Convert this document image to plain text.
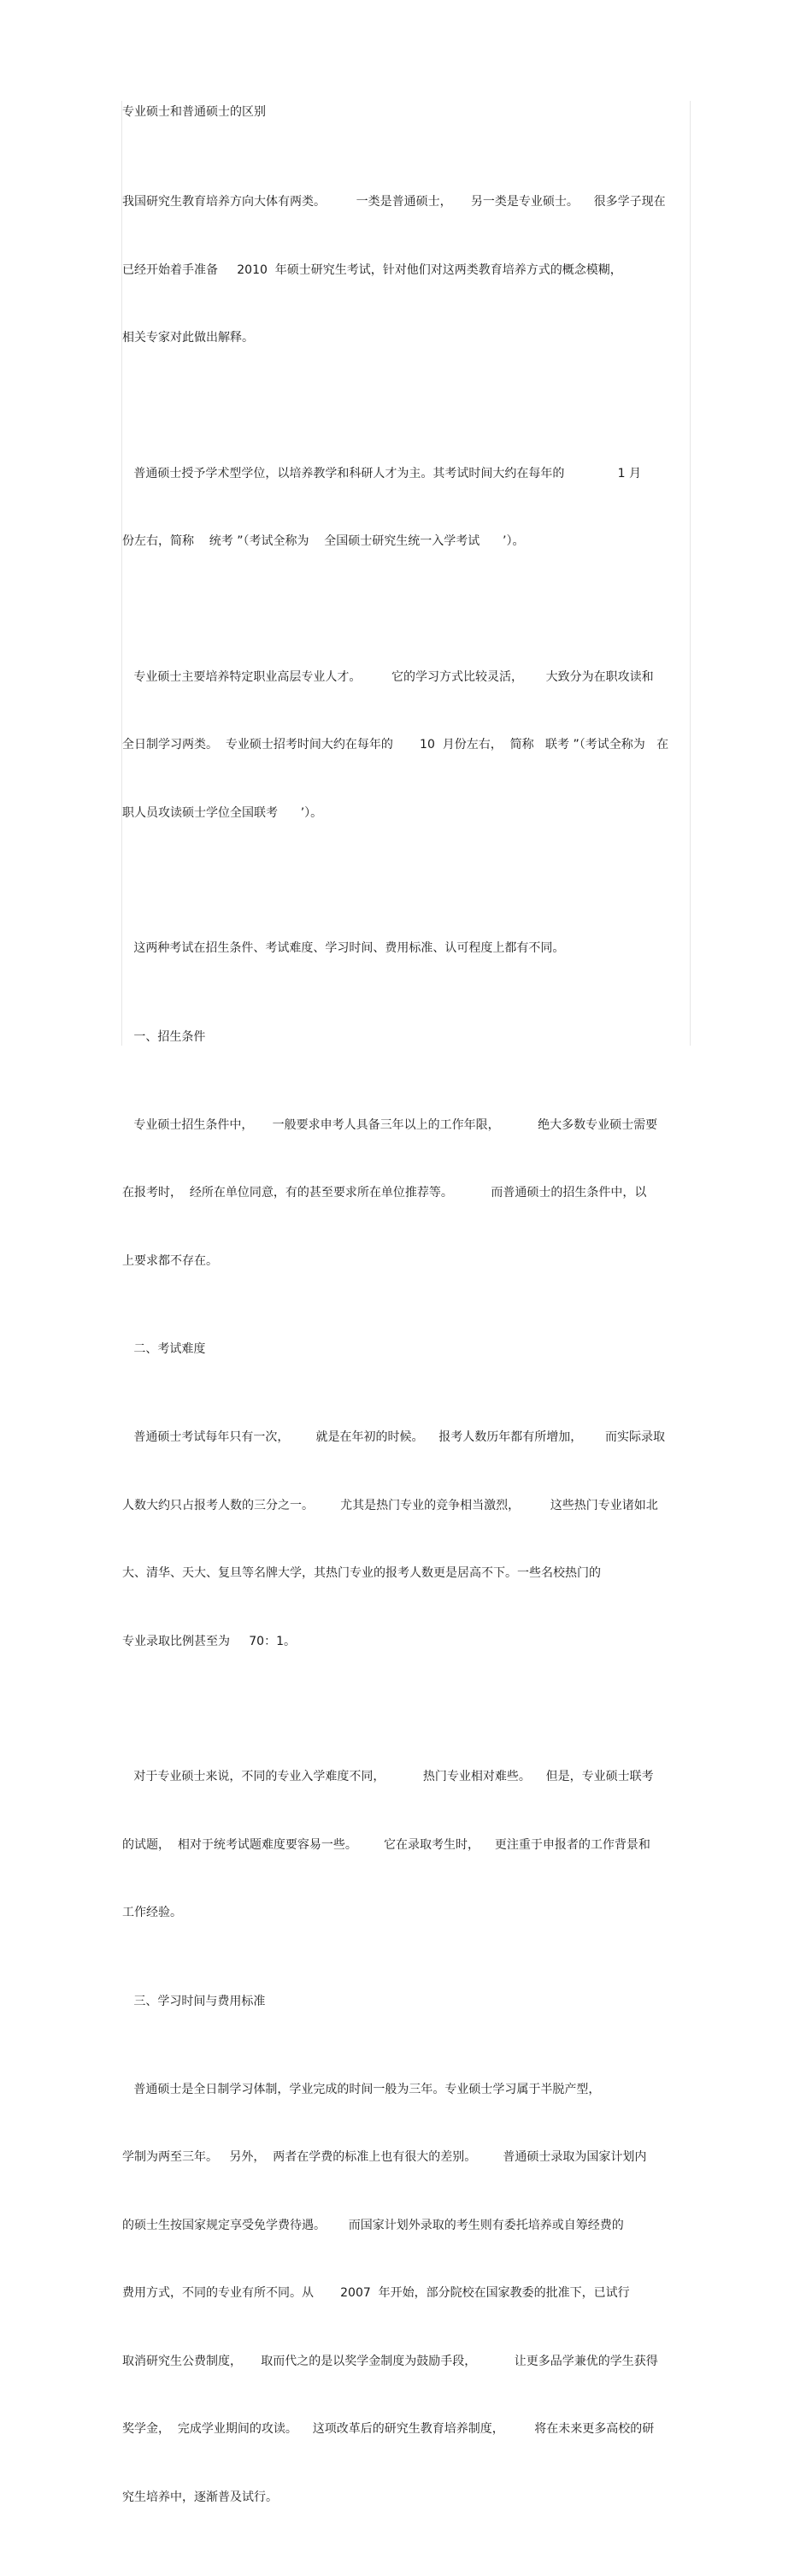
专业硕士和普通硕士的区别

我国研究生教育培养方向大体有两类。        一类是普通硕士，     另一类是专业硕士。    很多学子现在

已经开始着手准备     2010  年硕士研究生考试，针对他们对这两类教育培养方式的概念模糊，

相关专家对此做出解释。

普通硕士授予学术型学位，以培养教学和科研人才为主。其考试时间大约在每年的              1 月

份左右，简称    统考 ”（考试全称为    全国硕士研究生统一入学考试      ’）。

专业硕士主要培养特定职业高层专业人才。        它的学习方式比较灵活，      大致分为在职攻读和

全日制学习两类。  专业硕士招考时间大约在每年的       10  月份左右，  简称   联考 ”（考试全称为   在

职人员攻读硕士学位全国联考      ’）。

这两种考试在招生条件、考试难度、学习时间、费用标准、认可程度上都有不同。

一、招生条件

专业硕士招生条件中，     一般要求申考人具备三年以上的工作年限，          绝大多数专业硕士需要

在报考时，  经所在单位同意，有的甚至要求所在单位推荐等。          而普通硕士的招生条件中，以

上要求都不存在。

二、考试难度

普通硕士考试每年只有一次，       就是在年初的时候。    报考人数历年都有所增加，      而实际录取

人数大约只占报考人数的三分之一。       尤其是热门专业的竞争相当激烈，        这些热门专业诸如北

大、清华、天大、复旦等名牌大学，其热门专业的报考人数更是居高不下。一些名校热门的

专业录取比例甚至为     70：1。

对于专业硕士来说，不同的专业入学难度不同，          热门专业相对难些。    但是，专业硕士联考

的试题，  相对于统考试题难度要容易一些。       它在录取考生时，    更注重于申报者的工作背景和

工作经验。

三、学习时间与费用标准

普通硕士是全日制学习体制，学业完成的时间一般为三年。专业硕士学习属于半脱产型，

学制为两至三年。   另外，  两者在学费的标准上也有很大的差别。       普通硕士录取为国家计划内

的硕士生按国家规定享受免学费待遇。      而国家计划外录取的考生则有委托培养或自筹经费的

费用方式，不同的专业有所不同。从       2007  年开始，部分院校在国家教委的批准下，已试行

取消研究生公费制度，     取而代之的是以奖学金制度为鼓励手段，          让更多品学兼优的学生获得

奖学金，  完成学业期间的攻读。    这项改革后的研究生教育培养制度，        将在未来更多高校的研

究生培养中，逐渐普及试行。
